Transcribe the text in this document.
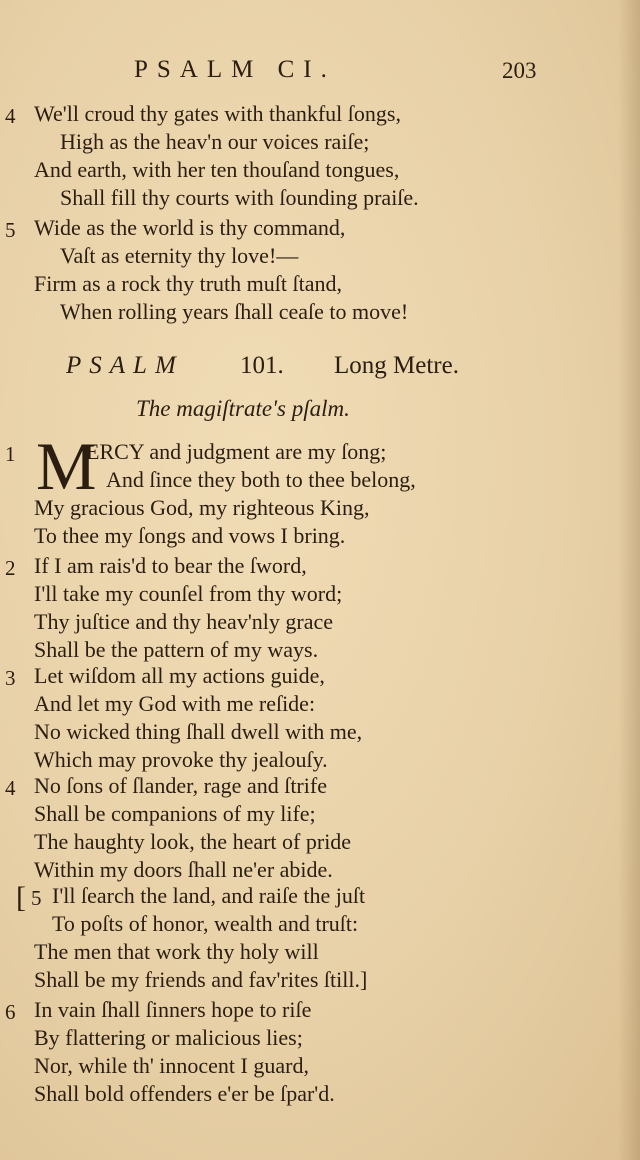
PSALM CI.	203
4 We'll croud thy gates with thankful ſongs,
High as the heav'n our voices raiſe;
And earth, with her ten thouſand tongues,
Shall fill thy courts with ſounding praiſe.
5 Wide as the world is thy command,
Vaſt as eternity thy love!—
Firm as a rock thy truth muſt ſtand,
When rolling years ſhall ceaſe to move!
PSALM 101. Long Metre.
The magiſtrate's pſalm.
M
1	ERCY and judgment are my ſong;
And ſince they both to thee belong,
My gracious God, my righteous King,
To thee my ſongs and vows I bring.
2 If I am rais'd to bear the ſword,
I'll take my counſel from thy word;
Thy juſtice and thy heav'nly grace
Shall be the pattern of my ways.
3 Let wiſdom all my actions guide,
And let my God with me reſide:
No wicked thing ſhall dwell with me,
Which may provoke thy jealouſy.
4 No ſons of ſlander, rage and ſtrife
Shall be companions of my life;
The haughty look, the heart of pride
Within my doors ſhall ne'er abide.
[ 5 I'll ſearch the land, and raiſe the juſt
To poſts of honor, wealth and truſt:
The men that work thy holy will
Shall be my friends and fav'rites ſtill.]
6 In vain ſhall ſinners hope to riſe
By flattering or malicious lies;
Nor, while th' innocent I guard,
Shall bold offenders e'er be ſpar'd.
